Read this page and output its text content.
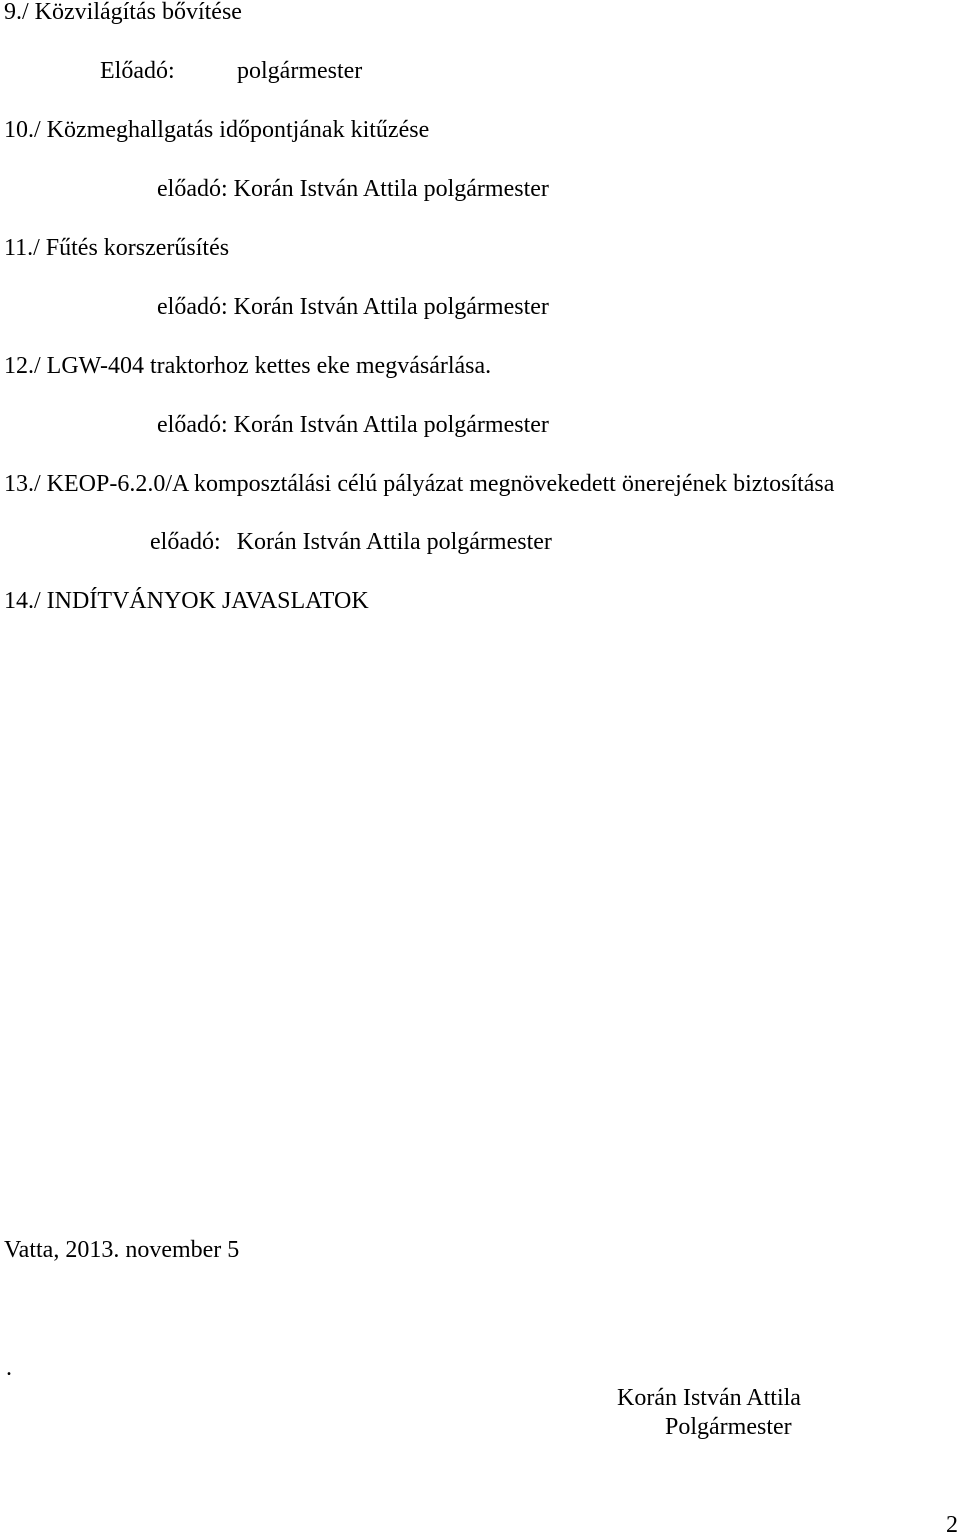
9./ Közvilágítás bővítése
Előadó:	polgármester
10./ Közmeghallgatás időpontjának kitűzése
előadó: Korán István Attila polgármester
11./ Fűtés korszerűsítés
előadó: Korán István Attila polgármester
12./ LGW-404 traktorhoz kettes eke megvásárlása.
előadó: Korán István Attila polgármester
13./ KEOP-6.2.0/A komposztálási célú pályázat megnövekedett önerejének biztosítása
előadó: Korán István Attila polgármester
14./ INDÍTVÁNYOK JAVASLATOK
Vatta, 2013. november 5
.
Korán István Attila
Polgármester
2
